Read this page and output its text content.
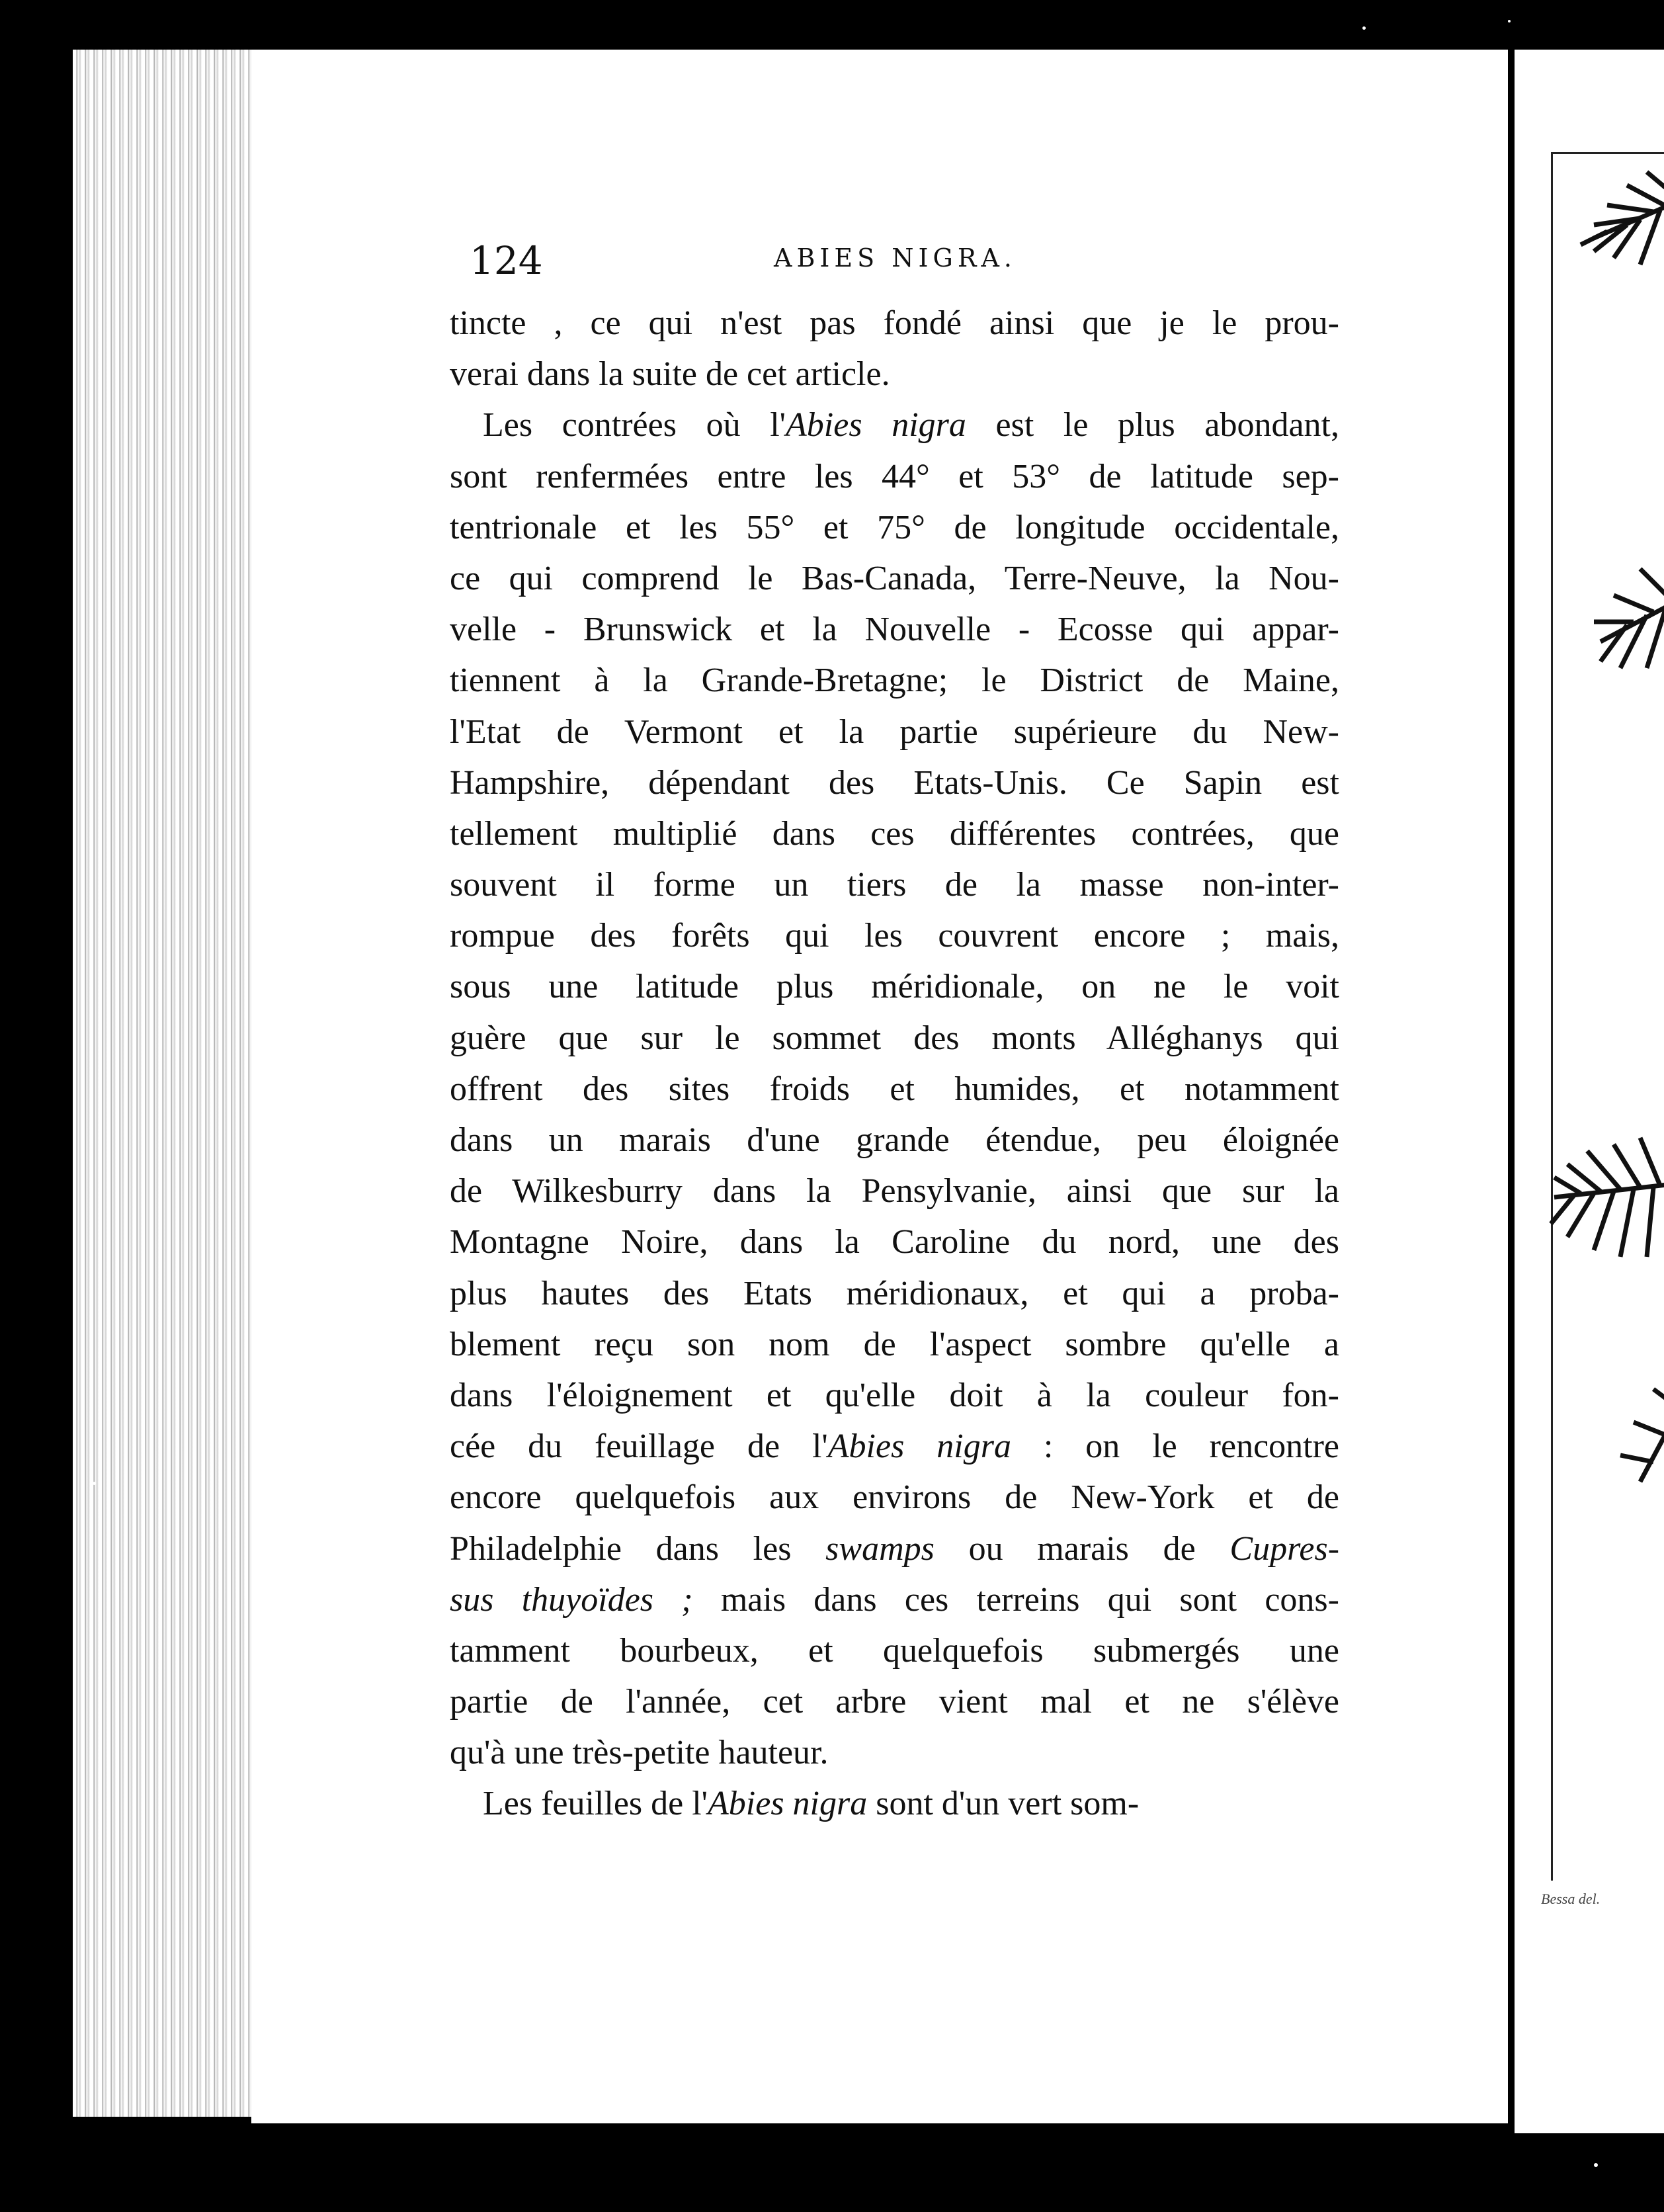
Bessa del.
124	ABIES NIGRA.
tincte , ce qui n'est pas fondé ainsi que je le prou-
verai dans la suite de cet article.
Les contrées où l'Abies nigra est le plus abondant,
sont renfermées entre les 44° et 53° de latitude sep-
tentrionale et les 55° et 75° de longitude occidentale,
ce qui comprend le Bas-Canada, Terre-Neuve, la Nou-
velle - Brunswick et la Nouvelle - Ecosse qui appar-
tiennent à la Grande-Bretagne; le District de Maine,
l'Etat de Vermont et la partie supérieure du New-
Hampshire, dépendant des Etats-Unis. Ce Sapin est
tellement multiplié dans ces différentes contrées, que
souvent il forme un tiers de la masse non-inter-
rompue des forêts qui les couvrent encore ; mais,
sous une latitude plus méridionale, on ne le voit
guère que sur le sommet des monts Alléghanys qui
offrent des sites froids et humides, et notamment
dans un marais d'une grande étendue, peu éloignée
de Wilkesburry dans la Pensylvanie, ainsi que sur la
Montagne Noire, dans la Caroline du nord, une des
plus hautes des Etats méridionaux, et qui a proba-
blement reçu son nom de l'aspect sombre qu'elle a
dans l'éloignement et qu'elle doit à la couleur fon-
cée du feuillage de l'Abies nigra : on le rencontre
encore quelquefois aux environs de New-York et de
Philadelphie dans les swamps ou marais de Cupres-
sus thuyoïdes ; mais dans ces terreins qui sont cons-
tamment bourbeux, et quelquefois submergés une
partie de l'année, cet arbre vient mal et ne s'élève
qu'à une très-petite hauteur.
Les feuilles de l'Abies nigra sont d'un vert som-
